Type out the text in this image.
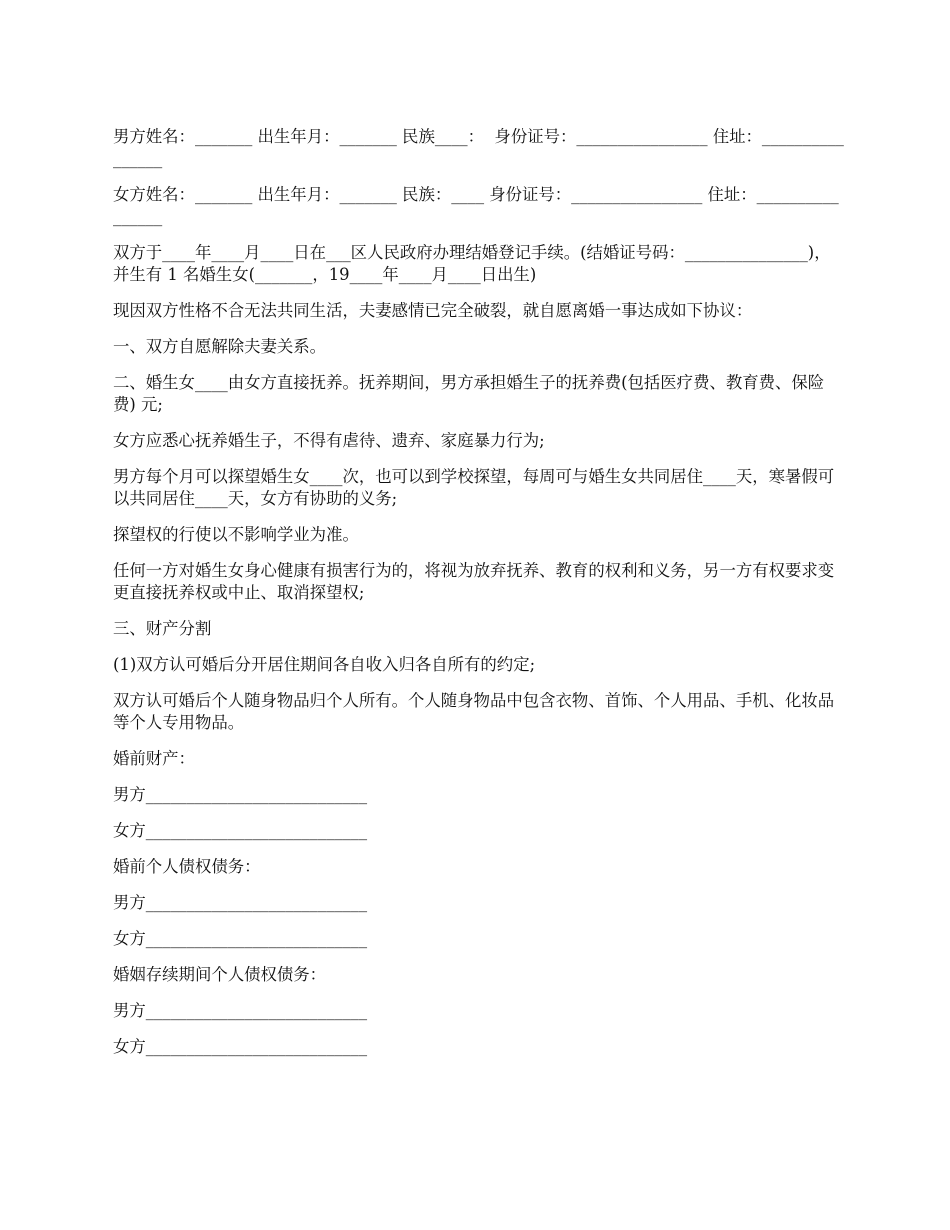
男方姓名：_______ 出生年月：_______ 民族____：  身份证号：________________ 住址：________________

女方姓名：_______ 出生年月：_______ 民族：____ 身份证号：________________ 住址：________________

双方于____年____月____日在___区人民政府办理结婚登记手续。(结婚证号码：_______________)，并生有 1 名婚生女(_______，19____年____月____日出生)

现因双方性格不合无法共同生活，夫妻感情已完全破裂，就自愿离婚一事达成如下协议：

一、双方自愿解除夫妻关系。

二、婚生女____由女方直接抚养。抚养期间，男方承担婚生子的抚养费(包括医疗费、教育费、保险费) 元;

女方应悉心抚养婚生子，不得有虐待、遗弃、家庭暴力行为;

男方每个月可以探望婚生女____次，也可以到学校探望，每周可与婚生女共同居住____天，寒暑假可以共同居住____天，女方有协助的义务;

探望权的行使以不影响学业为准。

任何一方对婚生女身心健康有损害行为的，将视为放弃抚养、教育的权利和义务，另一方有权要求变更直接抚养权或中止、取消探望权;

三、财产分割

(1)双方认可婚后分开居住期间各自收入归各自所有的约定;

双方认可婚后个人随身物品归个人所有。个人随身物品中包含衣物、首饰、个人用品、手机、化妆品 等个人专用物品。

婚前财产：

男方___________________________

女方___________________________

婚前个人债权债务：

男方___________________________

女方___________________________

婚姻存续期间个人债权债务：

男方___________________________

女方___________________________
